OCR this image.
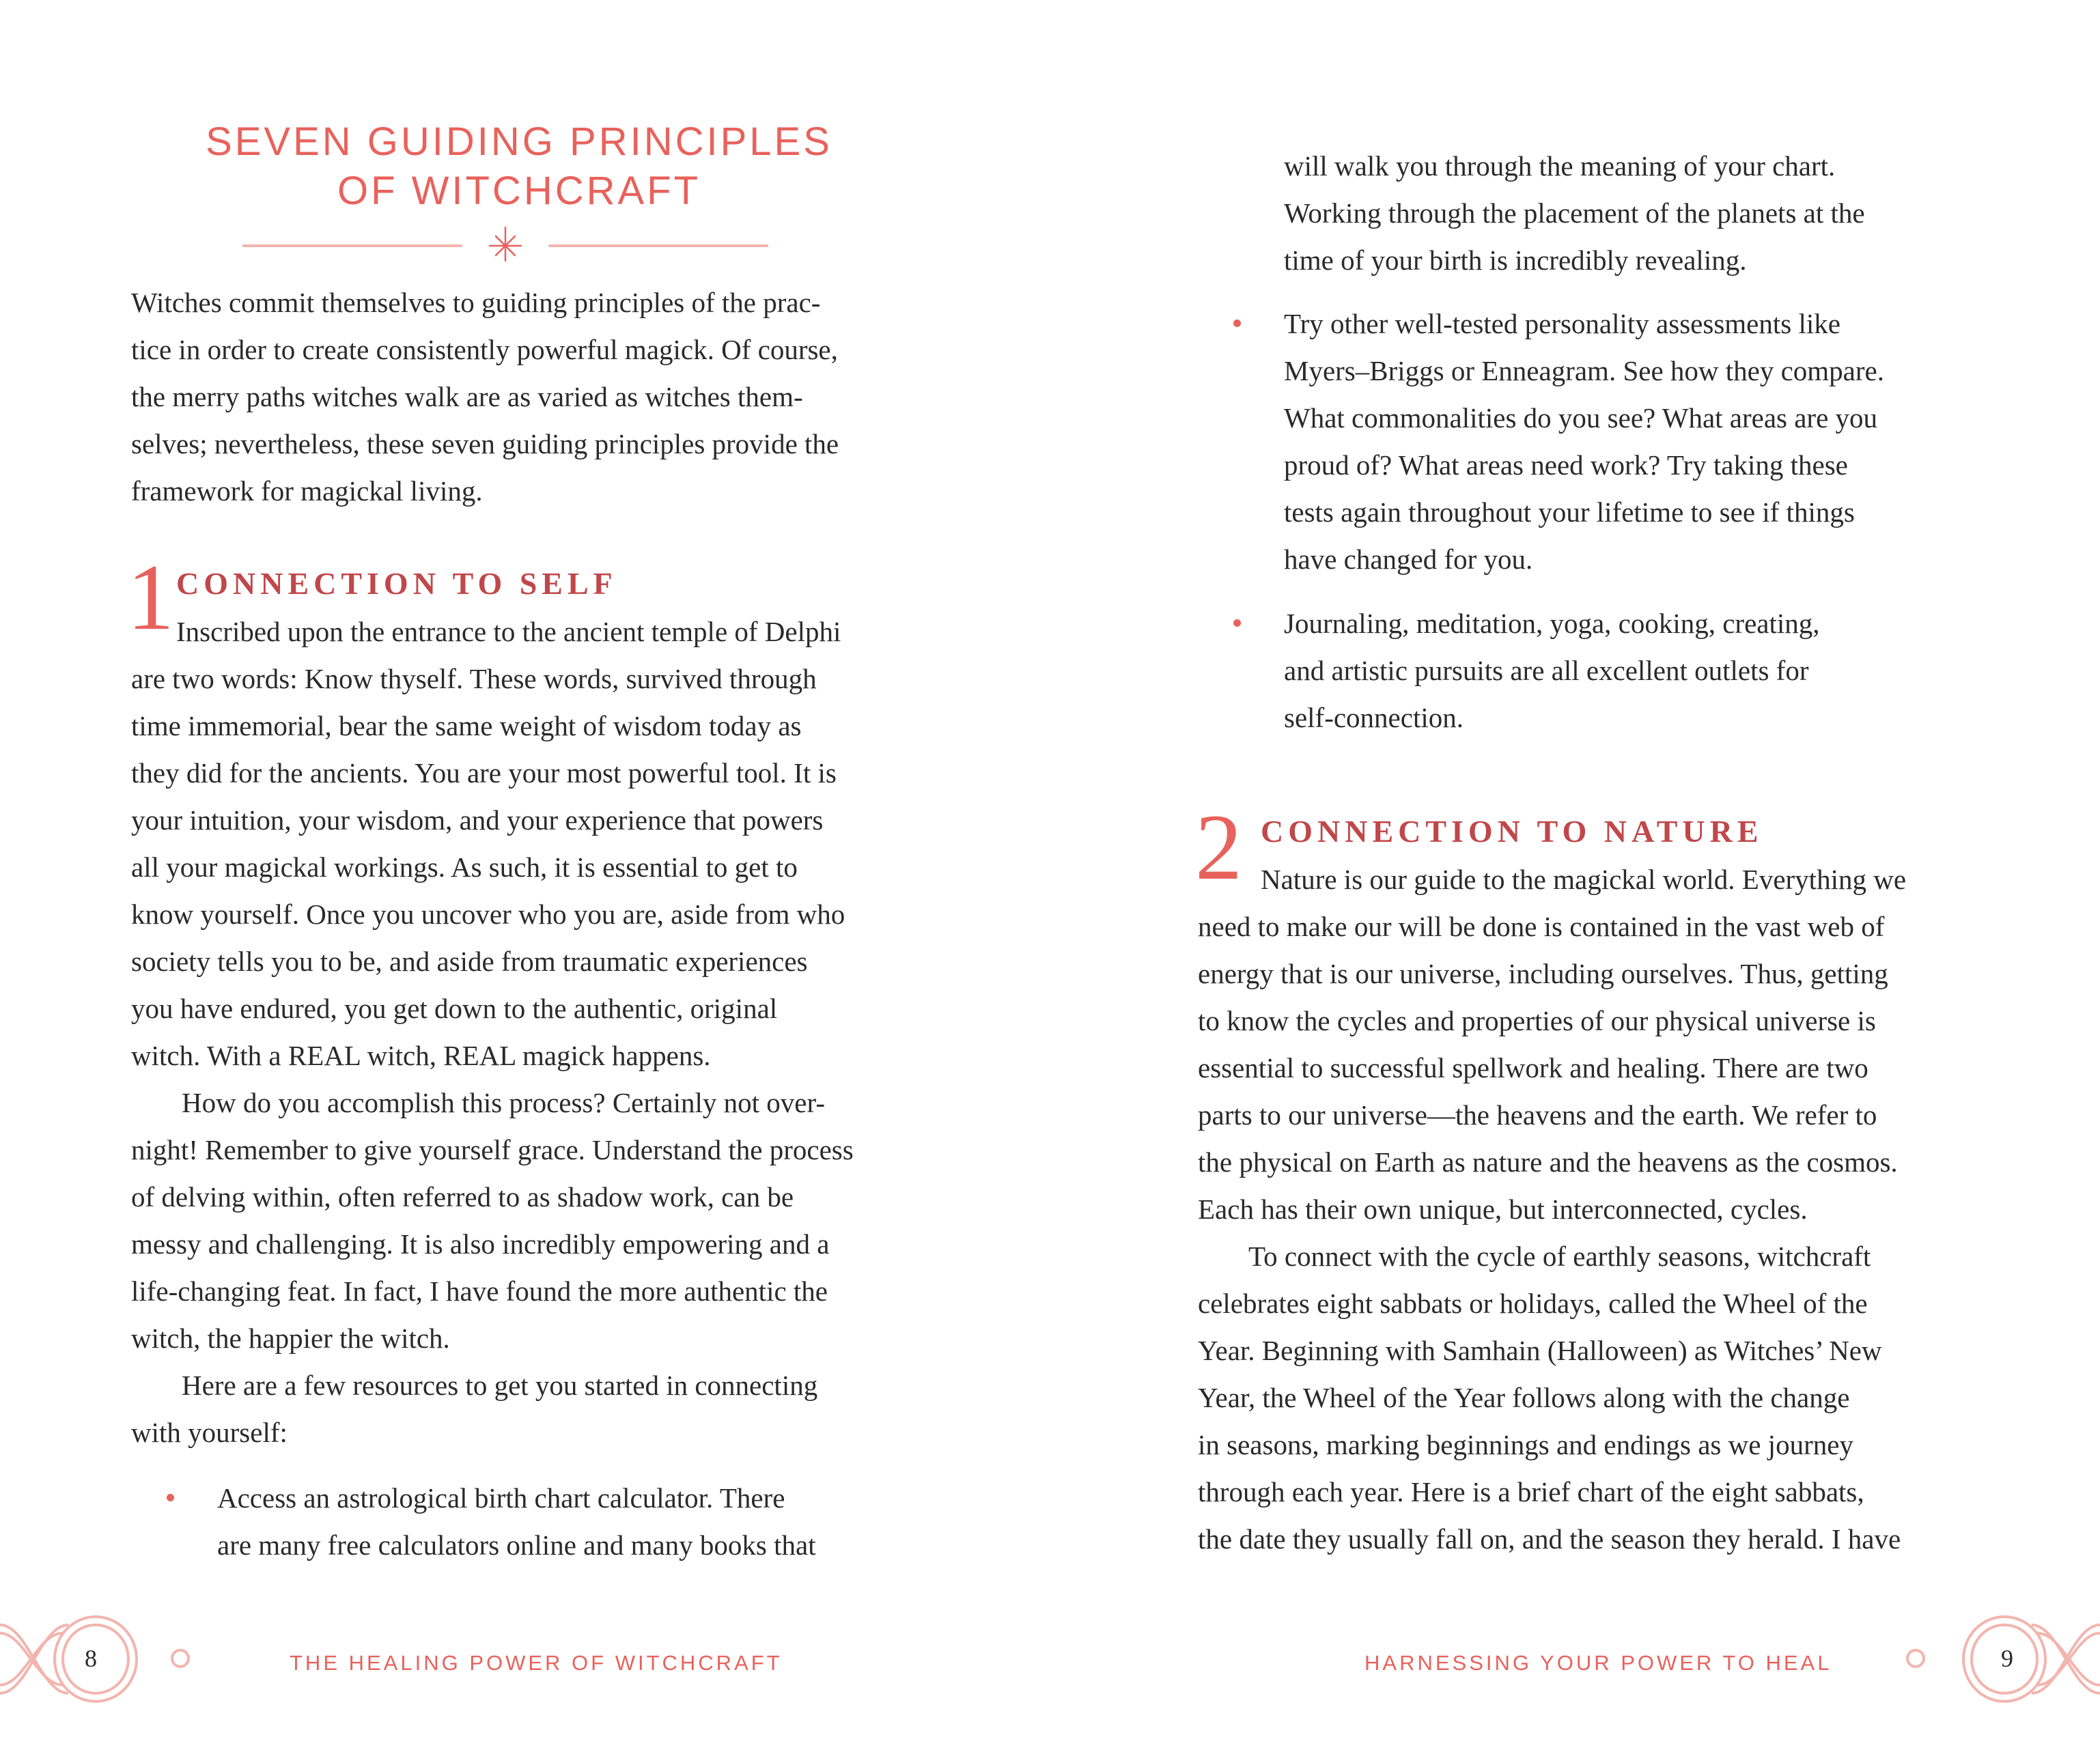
SEVEN GUIDING PRINCIPLES
OF WITCHCRAFT
Witches commit themselves to guiding principles of the prac-
tice in order to create consistently powerful magick. Of course,
the merry paths witches walk are as varied as witches them-
selves; nevertheless, these seven guiding principles provide the
framework for magickal living.
1 CONNECTION TO SELF
Inscribed upon the entrance to the ancient temple of Delphi
are two words: Know thyself. These words, survived through
time immemorial, bear the same weight of wisdom today as
they did for the ancients. You are your most powerful tool. It is
your intuition, your wisdom, and your experience that powers
all your magickal workings. As such, it is essential to get to
know yourself. Once you uncover who you are, aside from who
society tells you to be, and aside from traumatic experiences
you have endured, you get down to the authentic, original
witch. With a REAL witch, REAL magick happens.
How do you accomplish this process? Certainly not over-
night! Remember to give yourself grace. Understand the process
of delving within, often referred to as shadow work, can be
messy and challenging. It is also incredibly empowering and a
life-changing feat. In fact, I have found the more authentic the
witch, the happier the witch.
Here are a few resources to get you started in connecting
with yourself:
Access an astrological birth chart calculator. There
are many free calculators online and many books that
8	THE HEALING POWER OF WITCHCRAFT
will walk you through the meaning of your chart.
Working through the placement of the planets at the
time of your birth is incredibly revealing.
Try other well-tested personality assessments like
Myers–Briggs or Enneagram. See how they compare.
What commonalities do you see? What areas are you
proud of? What areas need work? Try taking these
tests again throughout your lifetime to see if things
have changed for you.
Journaling, meditation, yoga, cooking, creating,
and artistic pursuits are all excellent outlets for
self-connection.
2 CONNECTION TO NATURE
Nature is our guide to the magickal world. Everything we
need to make our will be done is contained in the vast web of
energy that is our universe, including ourselves. Thus, getting
to know the cycles and properties of our physical universe is
essential to successful spellwork and healing. There are two
parts to our universe—the heavens and the earth. We refer to
the physical on Earth as nature and the heavens as the cosmos.
Each has their own unique, but interconnected, cycles.
To connect with the cycle of earthly seasons, witchcraft
celebrates eight sabbats or holidays, called the Wheel of the
Year. Beginning with Samhain (Halloween) as Witches’ New
Year, the Wheel of the Year follows along with the change
in seasons, marking beginnings and endings as we journey
through each year. Here is a brief chart of the eight sabbats,
the date they usually fall on, and the season they herald. I have
HARNESSING YOUR POWER TO HEAL	9
